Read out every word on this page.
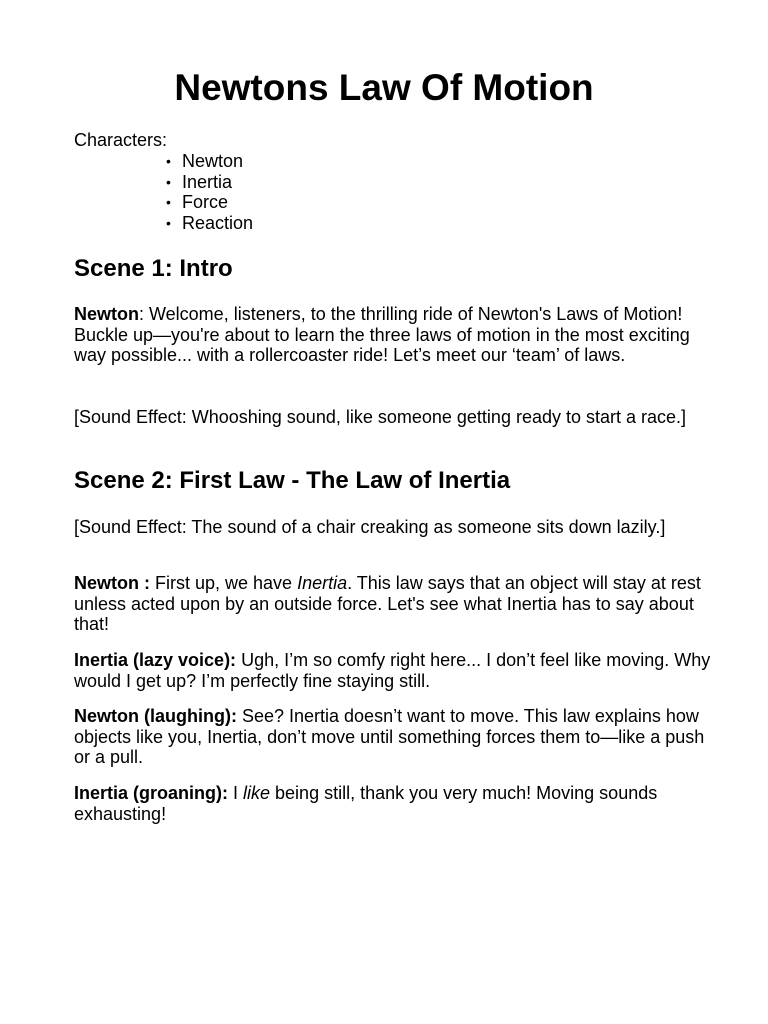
Newtons Law Of Motion

Characters:

• Newton
• Inertia
• Force
• Reaction
Scene 1: Intro

Newton: Welcome, listeners, to the thrilling ride of Newton's Laws of Motion! Buckle up—you're about to learn the three laws of motion in the most exciting way possible... with a rollercoaster ride! Let’s meet our ‘team’ of laws.

[Sound Effect: Whooshing sound, like someone getting ready to start a race.]

Scene 2: First Law - The Law of Inertia

[Sound Effect: The sound of a chair creaking as someone sits down lazily.]

Newton : First up, we have Inertia. This law says that an object will stay at rest unless acted upon by an outside force. Let's see what Inertia has to say about that!

Inertia (lazy voice): Ugh, I’m so comfy right here... I don’t feel like moving. Why would I get up? I’m perfectly fine staying still.

Newton (laughing): See? Inertia doesn’t want to move. This law explains how objects like you, Inertia, don’t move until something forces them to—like a push or a pull.

Inertia (groaning): I like being still, thank you very much! Moving sounds exhausting!
